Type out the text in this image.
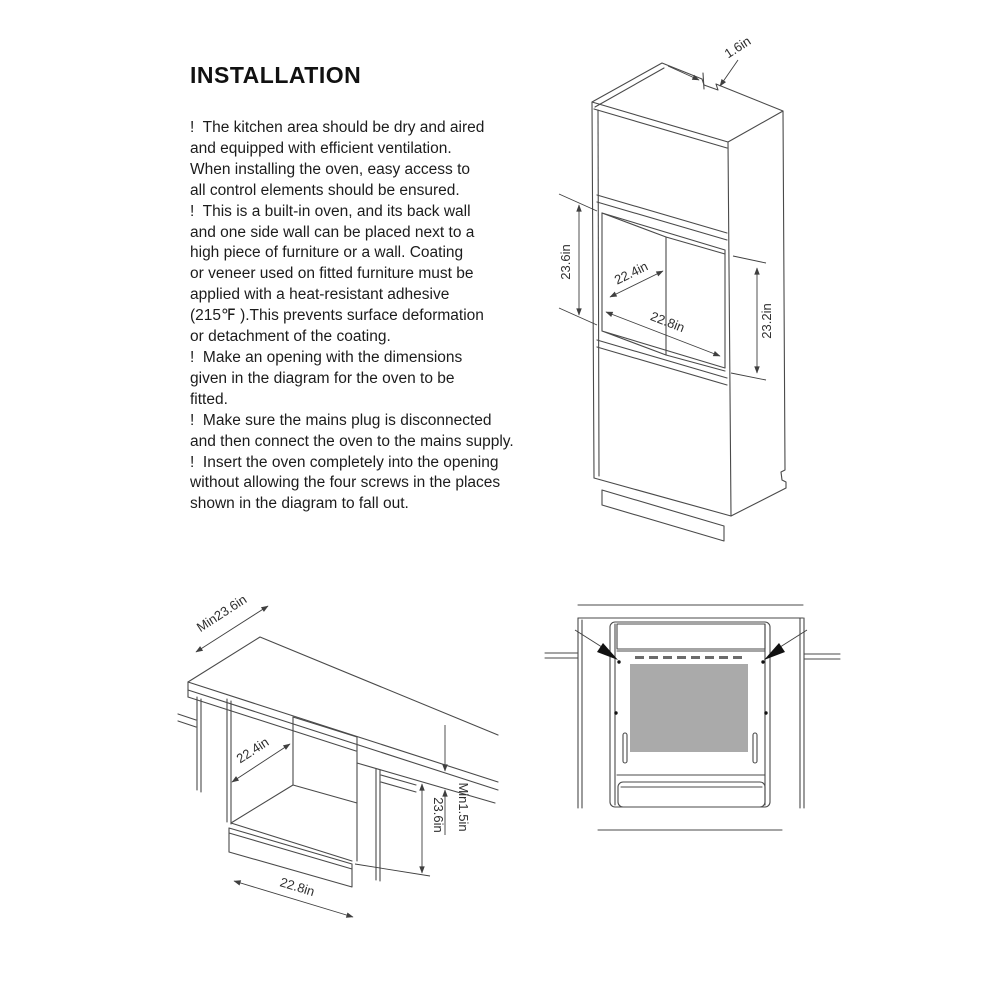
INSTALLATION
!  The kitchen area should be dry and aired
and equipped with efficient ventilation.
When installing the oven, easy access to
all control elements should be ensured.
!  This is a built-in oven, and its back wall
and one side wall can be placed next to a
high piece of furniture or a wall. Coating
or veneer used on fitted furniture must be
applied with a heat-resistant adhesive
(215℉ ).This prevents surface deformation
or detachment of the coating.
!  Make an opening with the dimensions
given in the diagram for the oven to be
fitted.
!  Make sure the mains plug is disconnected
and then connect the oven to the mains supply.
!  Insert the oven completely into the opening
without allowing the four screws in the places
shown in the diagram to fall out.
23.6in	22.4in
22.8in	23.2in
1.6in
Min23.6in
22.4in
22.8in
Min1.5in
23.6in
